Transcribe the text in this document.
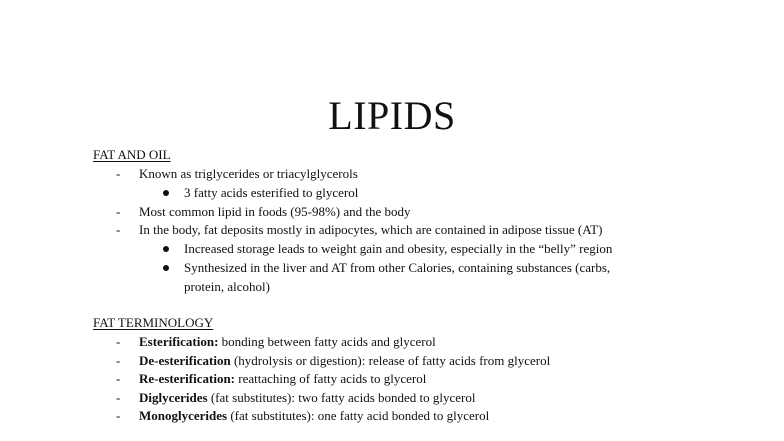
LIPIDS
FAT AND OIL
- Known as triglycerides or triacylglycerols
3 fatty acids esterified to glycerol
- Most common lipid in foods (95-98%) and the body
- In the body, fat deposits mostly in adipocytes, which are contained in adipose tissue (AT)
Increased storage leads to weight gain and obesity, especially in the “belly” region
Synthesized in the liver and AT from other Calories, containing substances (carbs,
protein, alcohol)
FAT TERMINOLOGY
- Esterification: bonding between fatty acids and glycerol
- De-esterification (hydrolysis or digestion): release of fatty acids from glycerol
- Re-esterification: reattaching of fatty acids to glycerol
- Diglycerides (fat substitutes): two fatty acids bonded to glycerol
- Monoglycerides (fat substitutes): one fatty acid bonded to glycerol
